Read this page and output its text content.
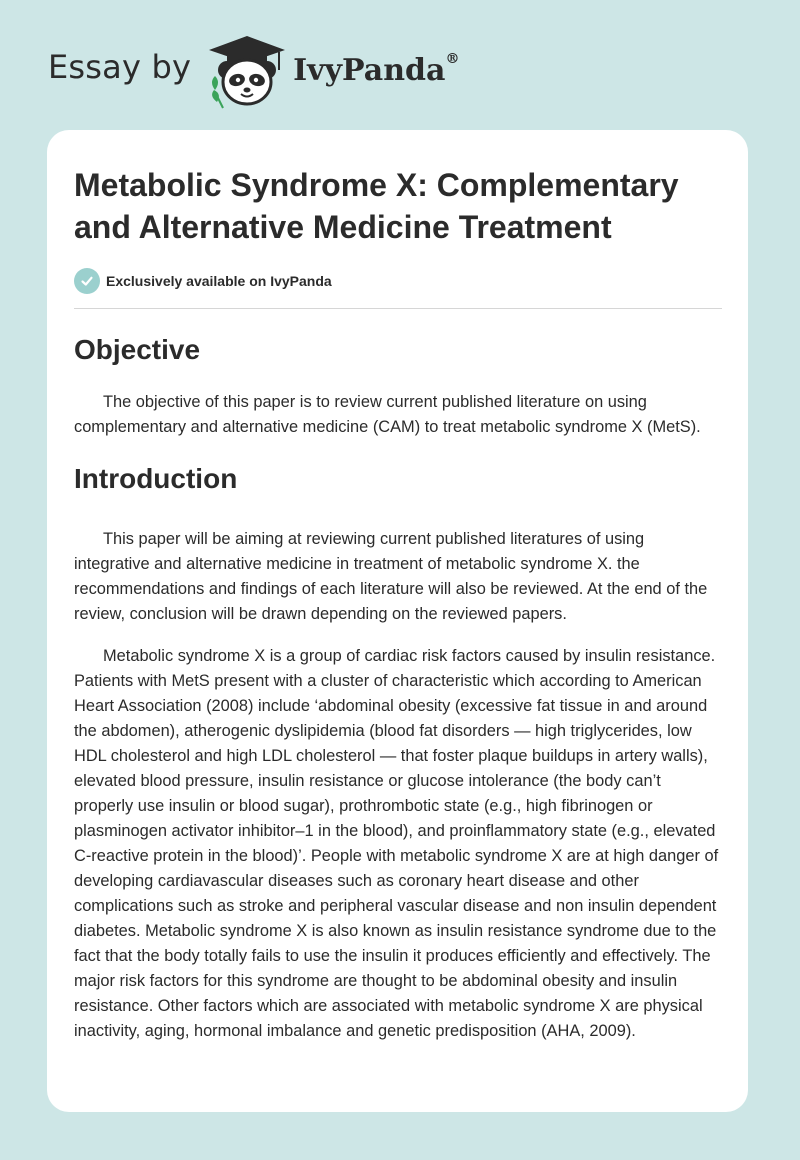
Essay by	IvyPanda®
Metabolic Syndrome X: Complementary and Alternative Medicine Treatment
Exclusively available on IvyPanda
Objective

The objective of this paper is to review current published literature on using complementary and alternative medicine (CAM) to treat metabolic syndrome X (MetS).

Introduction

This paper will be aiming at reviewing current published literatures of using integrative and alternative medicine in treatment of metabolic syndrome X. the recommendations and findings of each literature will also be reviewed. At the end of the review, conclusion will be drawn depending on the reviewed papers.

Metabolic syndrome X is a group of cardiac risk factors caused by insulin resistance. Patients with MetS present with a cluster of characteristic which according to American Heart Association (2008) include ‘abdominal obesity (excessive fat tissue in and around the abdomen), atherogenic dyslipidemia (blood fat disorders — high triglycerides, low HDL cholesterol and high LDL cholesterol — that foster plaque buildups in artery walls), elevated blood pressure, insulin resistance or glucose intolerance (the body can’t properly use insulin or blood sugar), prothrombotic state (e.g., high fibrinogen or plasminogen activator inhibitor–1 in the blood), and proinflammatory state (e.g., elevated C-reactive protein in the blood)’. People with metabolic syndrome X are at high danger of developing cardiavascular diseases such as coronary heart disease and other complications such as stroke and peripheral vascular disease and non insulin dependent diabetes. Metabolic syndrome X is also known as insulin resistance syndrome due to the fact that the body totally fails to use the insulin it produces efficiently and effectively. The major risk factors for this syndrome are thought to be abdominal obesity and insulin resistance. Other factors which are associated with metabolic syndrome X are physical inactivity, aging, hormonal imbalance and genetic predisposition (AHA, 2009).
